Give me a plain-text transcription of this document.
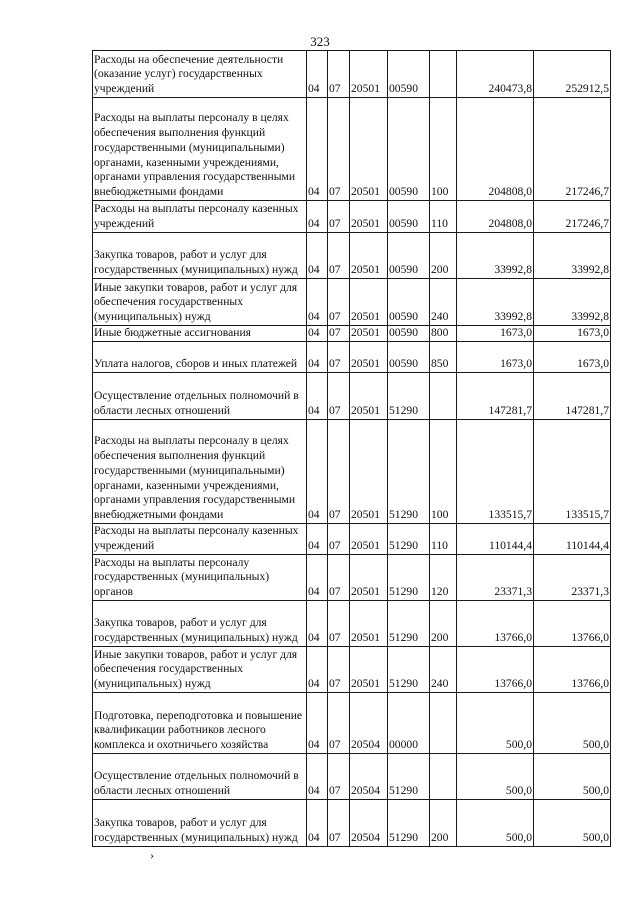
323
Расходы на обеспечение деятельности (оказание услуг) государственных учреждений	04	07	20501	00590		240473,8	252912,5
Расходы на выплаты персоналу в целях обеспечения выполнения функций государственными (муниципальными) органами, казенными учреждениями, органами управления государственными внебюджетными фондами	04	07	20501	00590	100	204808,0	217246,7
Расходы на выплаты персоналу казенных учреждений	04	07	20501	00590	110	204808,0	217246,7
Закупка товаров, работ и услуг для государственных (муниципальных) нужд	04	07	20501	00590	200	33992,8	33992,8
Иные закупки товаров, работ и услуг для обеспечения государственных (муниципальных) нужд	04	07	20501	00590	240	33992,8	33992,8
Иные бюджетные ассигнования	04	07	20501	00590	800	1673,0	1673,0
Уплата налогов, сборов и иных платежей	04	07	20501	00590	850	1673,0	1673,0
Осуществление отдельных полномочий в области лесных отношений	04	07	20501	51290		147281,7	147281,7
Расходы на выплаты персоналу в целях обеспечения выполнения функций государственными (муниципальными) органами, казенными учреждениями, органами управления государственными внебюджетными фондами	04	07	20501	51290	100	133515,7	133515,7
Расходы на выплаты персоналу казенных учреждений	04	07	20501	51290	110	110144,4	110144,4
Расходы на выплаты персоналу государственных (муниципальных) органов	04	07	20501	51290	120	23371,3	23371,3
Закупка товаров, работ и услуг для государственных (муниципальных) нужд	04	07	20501	51290	200	13766,0	13766,0
Иные закупки товаров, работ и услуг для обеспечения государственных (муниципальных) нужд	04	07	20501	51290	240	13766,0	13766,0
Подготовка, переподготовка и повышение квалификации работников лесного комплекса и охотничьего хозяйства	04	07	20504	00000		500,0	500,0
Осуществление отдельных полномочий в области лесных отношений	04	07	20504	51290		500,0	500,0
Закупка товаров, работ и услуг для государственных (муниципальных) нужд	04	07	20504	51290	200	500,0	500,0
›
